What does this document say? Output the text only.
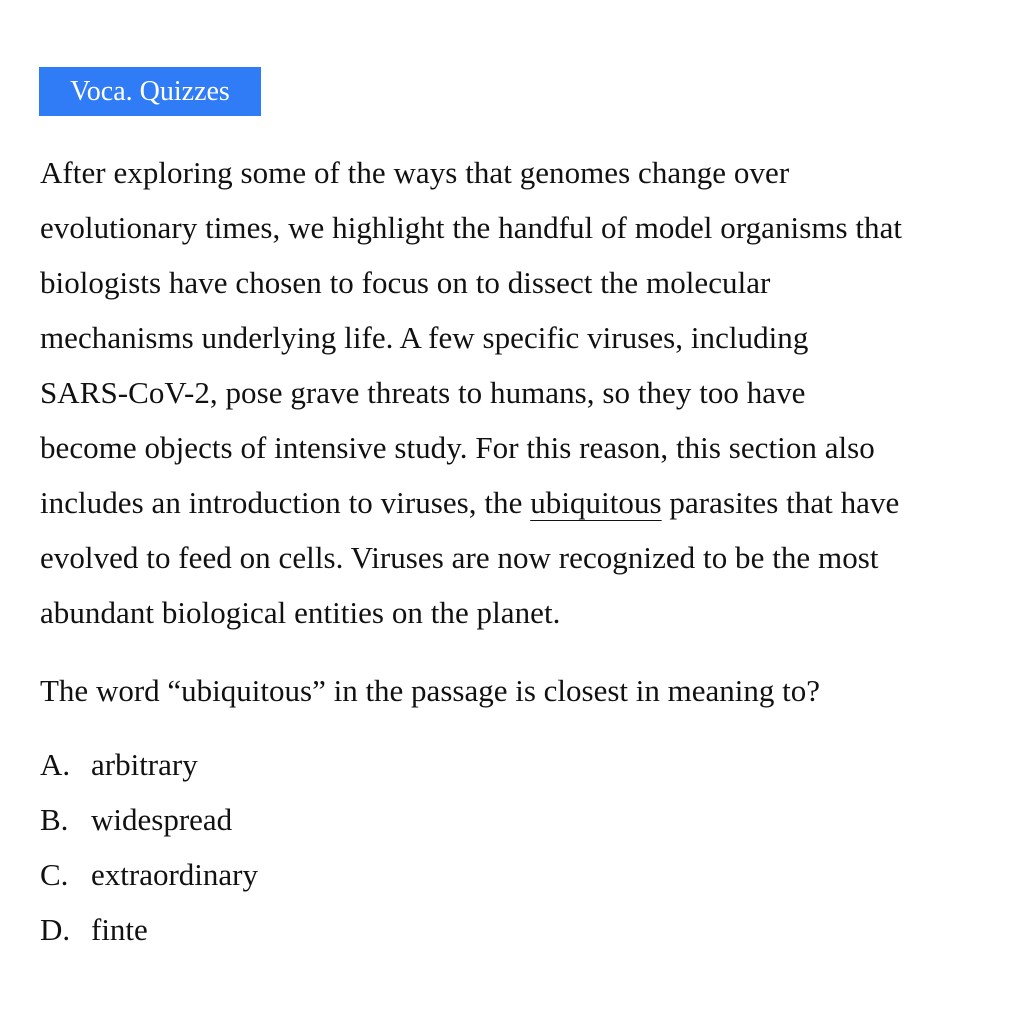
Voca. Quizzes

After exploring some of the ways that genomes change over
evolutionary times, we highlight the handful of model organisms that
biologists have chosen to focus on to dissect the molecular
mechanisms underlying life. A few specific viruses, including
SARS-CoV-2, pose grave threats to humans, so they too have
become objects of intensive study. For this reason, this section also
includes an introduction to viruses, the ubiquitous parasites that have
evolved to feed on cells. Viruses are now recognized to be the most
abundant biological entities on the planet.

The word “ubiquitous” in the passage is closest in meaning to?

A. arbitrary
B. widespread
C. extraordinary
D. finte
